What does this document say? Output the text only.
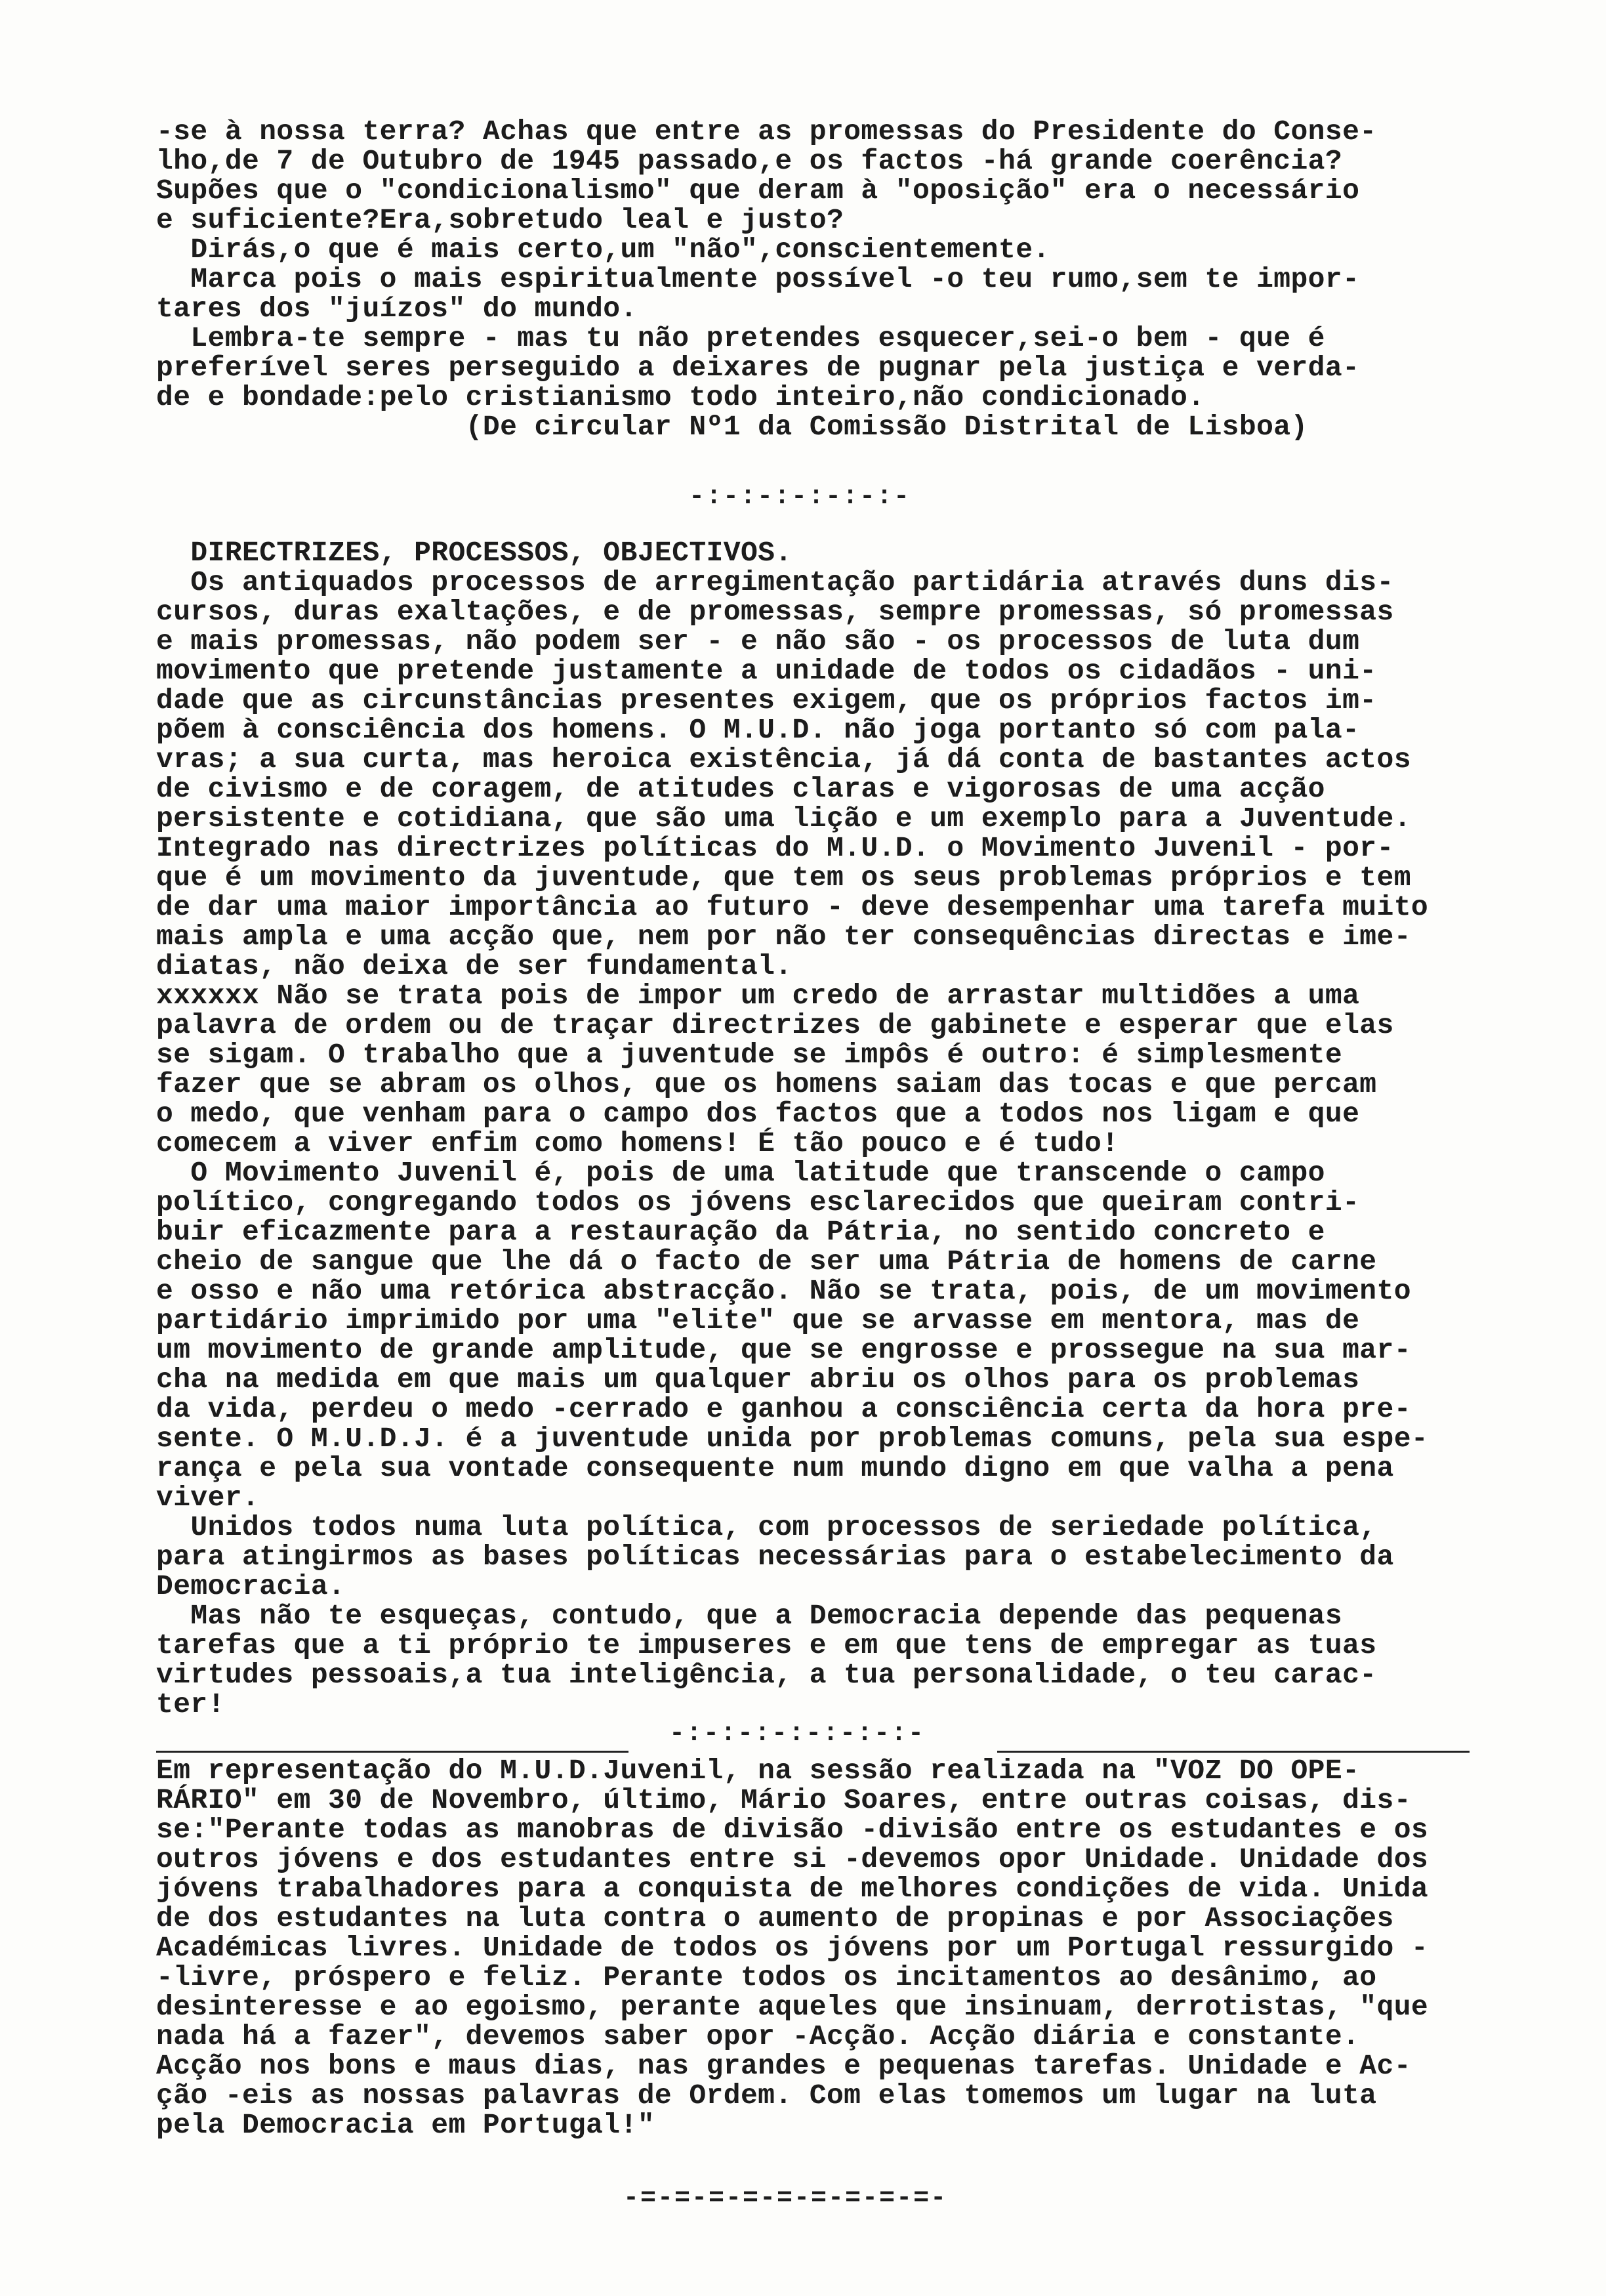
-se à nossa terra? Achas que entre as promessas do Presidente do Conse-
lho,de 7 de Outubro de 1945 passado,e os factos -há grande coerência?
Supões que o "condicionalismo" que deram à "oposição" era o necessário
e suficiente?Era,sobretudo leal e justo?
Dirás,o que é mais certo,um "não",conscientemente.
Marca pois o mais espiritualmente possível -o teu rumo,sem te impor-
tares dos "juízos" do mundo.
Lembra-te sempre - mas tu não pretendes esquecer,sei-o bem - que é
preferível seres perseguido a deixares de pugnar pela justiça e verda-
de e bondade:pelo cristianismo todo inteiro,não condicionado.
(De circular Nº1 da Comissão Distrital de Lisboa)
-:-:-:-:-:-:-
DIRECTRIZES, PROCESSOS, OBJECTIVOS.
Os antiquados processos de arregimentação partidária através duns dis-
cursos, duras exaltações, e de promessas, sempre promessas, só promessas
e mais promessas, não podem ser - e não são - os processos de luta dum
movimento que pretende justamente a unidade de todos os cidadãos - uni-
dade que as circunstâncias presentes exigem, que os próprios factos im-
põem à consciência dos homens. O M.U.D. não joga portanto só com pala-
vras; a sua curta, mas heroica existência, já dá conta de bastantes actos
de civismo e de coragem, de atitudes claras e vigorosas de uma acção
persistente e cotidiana, que são uma lição e um exemplo para a Juventude.
Integrado nas directrizes políticas do M.U.D. o Movimento Juvenil - por-
que é um movimento da juventude, que tem os seus problemas próprios e tem
de dar uma maior importância ao futuro - deve desempenhar uma tarefa muito
mais ampla e uma acção que, nem por não ter consequências directas e ime-
diatas, não deixa de ser fundamental.
xxxxxx Não se trata pois de impor um credo de arrastar multidões a uma
palavra de ordem ou de traçar directrizes de gabinete e esperar que elas
se sigam. O trabalho que a juventude se impôs é outro: é simplesmente
fazer que se abram os olhos, que os homens saiam das tocas e que percam
o medo, que venham para o campo dos factos que a todos nos ligam e que
comecem a viver enfim como homens! É tão pouco e é tudo!
O Movimento Juvenil é, pois de uma latitude que transcende o campo
político, congregando todos os jóvens esclarecidos que queiram contri-
buir eficazmente para a restauração da Pátria, no sentido concreto e
cheio de sangue que lhe dá o facto de ser uma Pátria de homens de carne
e osso e não uma retórica abstracção. Não se trata, pois, de um movimento
partidário imprimido por uma "elite" que se arvasse em mentora, mas de
um movimento de grande amplitude, que se engrosse e prossegue na sua mar-
cha na medida em que mais um qualquer abriu os olhos para os problemas
da vida, perdeu o medo -cerrado e ganhou a consciência certa da hora pre-
sente. O M.U.D.J. é a juventude unida por problemas comuns, pela sua espe-
rança e pela sua vontade consequente num mundo digno em que valha a pena
viver.
Unidos todos numa luta política, com processos de seriedade política,
para atingirmos as bases políticas necessárias para o estabelecimento da
Democracia.
Mas não te esqueças, contudo, que a Democracia depende das pequenas
tarefas que a ti próprio te impuseres e em que tens de empregar as tuas
virtudes pessoais,a tua inteligência, a tua personalidade, o teu carac-
ter!
-:-:-:-:-:-:-:-
Em representação do M.U.D.Juvenil, na sessão realizada na "VOZ DO OPE-
RÁRIO" em 30 de Novembro, último, Mário Soares, entre outras coisas, dis-
se:"Perante todas as manobras de divisão -divisão entre os estudantes e os
outros jóvens e dos estudantes entre si -devemos opor Unidade. Unidade dos
jóvens trabalhadores para a conquista de melhores condições de vida. Unida
de dos estudantes na luta contra o aumento de propinas e por Associações
Académicas livres. Unidade de todos os jóvens por um Portugal ressurgido -
-livre, próspero e feliz. Perante todos os incitamentos ao desânimo, ao
desinteresse e ao egoismo, perante aqueles que insinuam, derrotistas, "que
nada há a fazer", devemos saber opor -Acção. Acção diária e constante.
Acção nos bons e maus dias, nas grandes e pequenas tarefas. Unidade e Ac-
ção -eis as nossas palavras de Ordem. Com elas tomemos um lugar na luta
pela Democracia em Portugal!"
-=-=-=-=-=-=-=-=-=-
